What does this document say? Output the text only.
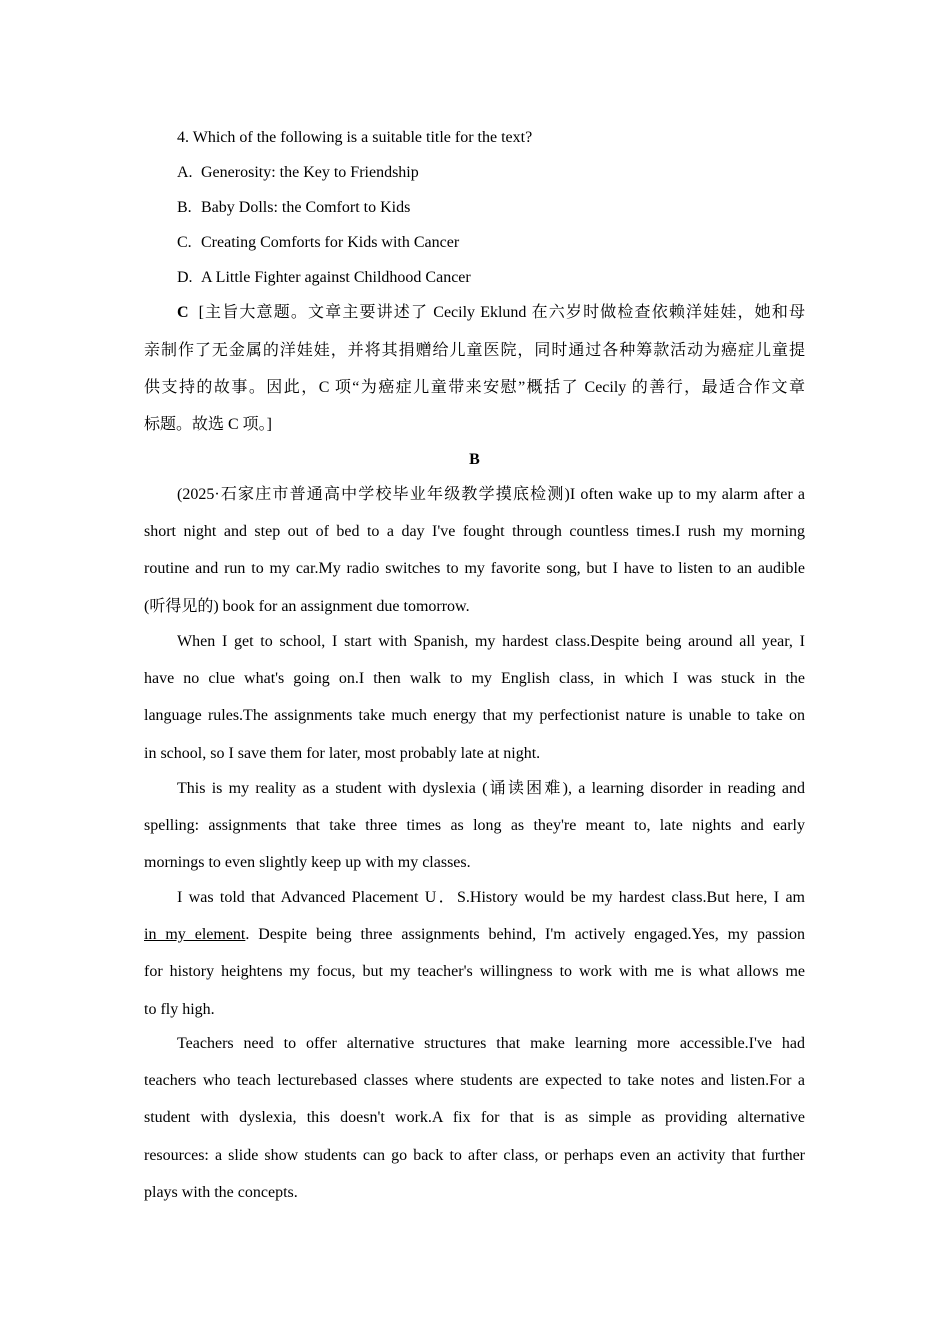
4. Which of the following is a suitable title for the text?
A. Generosity: the Key to Friendship
B. Baby Dolls: the Comfort to Kids
C. Creating Comforts for Kids with Cancer
D. A Little Fighter against Childhood Cancer
C [主旨大意题。文章主要讲述了 Cecily Eklund 在六岁时做检查依赖洋娃娃，她和母
亲制作了无金属的洋娃娃，并将其捐赠给儿童医院，同时通过各种筹款活动为癌症儿童提
供支持的故事。因此，C 项“为癌症儿童带来安慰”概括了 Cecily 的善行，最适合作文章
标题。故选 C 项。]
B
(2025·石家庄市普通高中学校毕业年级教学摸底检测)I often wake up to my alarm after a
short night and step out of bed to a day I've fought through countless times.I rush my morning
routine and run to my car.My radio switches to my favorite song, but I have to listen to an audible
(听得见的) book for an assignment due tomorrow.
When I get to school, I start with Spanish, my hardest class.Despite being around all year, I
have no clue what's going on.I then walk to my English class, in which I was stuck in the
language rules.The assignments take much energy that my perfectionist nature is unable to take on
in school, so I save them for later, most probably late at night.
This is my reality as a student with dyslexia (诵读困难), a learning disorder in reading and
spelling: assignments that take three times as long as they're meant to, late nights and early
mornings to even slightly keep up with my classes.
I was told that Advanced Placement U．S.History would be my hardest class.But here, I am
in my element. Despite being three assignments behind, I'm actively engaged.Yes, my passion
for history heightens my focus, but my teacher's willingness to work with me is what allows me
to fly high.
Teachers need to offer alternative structures that make learning more accessible.I've had
teachers who teach lecturebased classes where students are expected to take notes and listen.For a
student with dyslexia, this doesn't work.A fix for that is as simple as providing alternative
resources: a slide show students can go back to after class, or perhaps even an activity that further
plays with the concepts.
